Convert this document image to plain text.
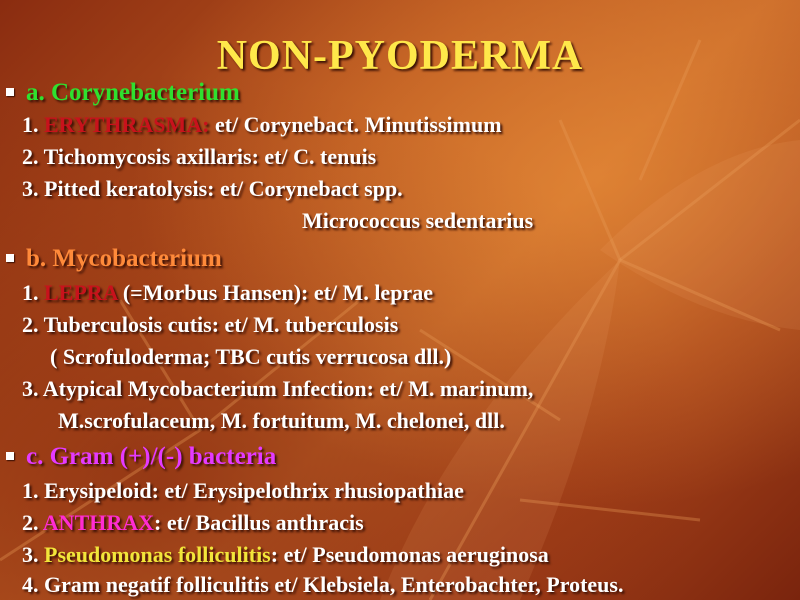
NON-PYODERMA
a. Corynebacterium
1. ERYTHRASMA: et/ Corynebact. Minutissimum
2. Tichomycosis axillaris: et/ C. tenuis
3. Pitted keratolysis: et/ Corynebact spp.
Micrococcus sedentarius
b. Mycobacterium
1. LEPRA (=Morbus Hansen): et/ M. leprae
2. Tuberculosis cutis: et/ M. tuberculosis
( Scrofuloderma; TBC cutis verrucosa dll.)
3. Atypical Mycobacterium Infection: et/ M. marinum,
M.scrofulaceum, M. fortuitum, M. chelonei, dll.
c. Gram (+)/(-) bacteria
1. Erysipeloid: et/ Erysipelothrix rhusiopathiae
2. ANTHRAX: et/ Bacillus anthracis
3. Pseudomonas folliculitis: et/ Pseudomonas aeruginosa
4. Gram negatif folliculitis et/ Klebsiela, Enterobachter, Proteus.
